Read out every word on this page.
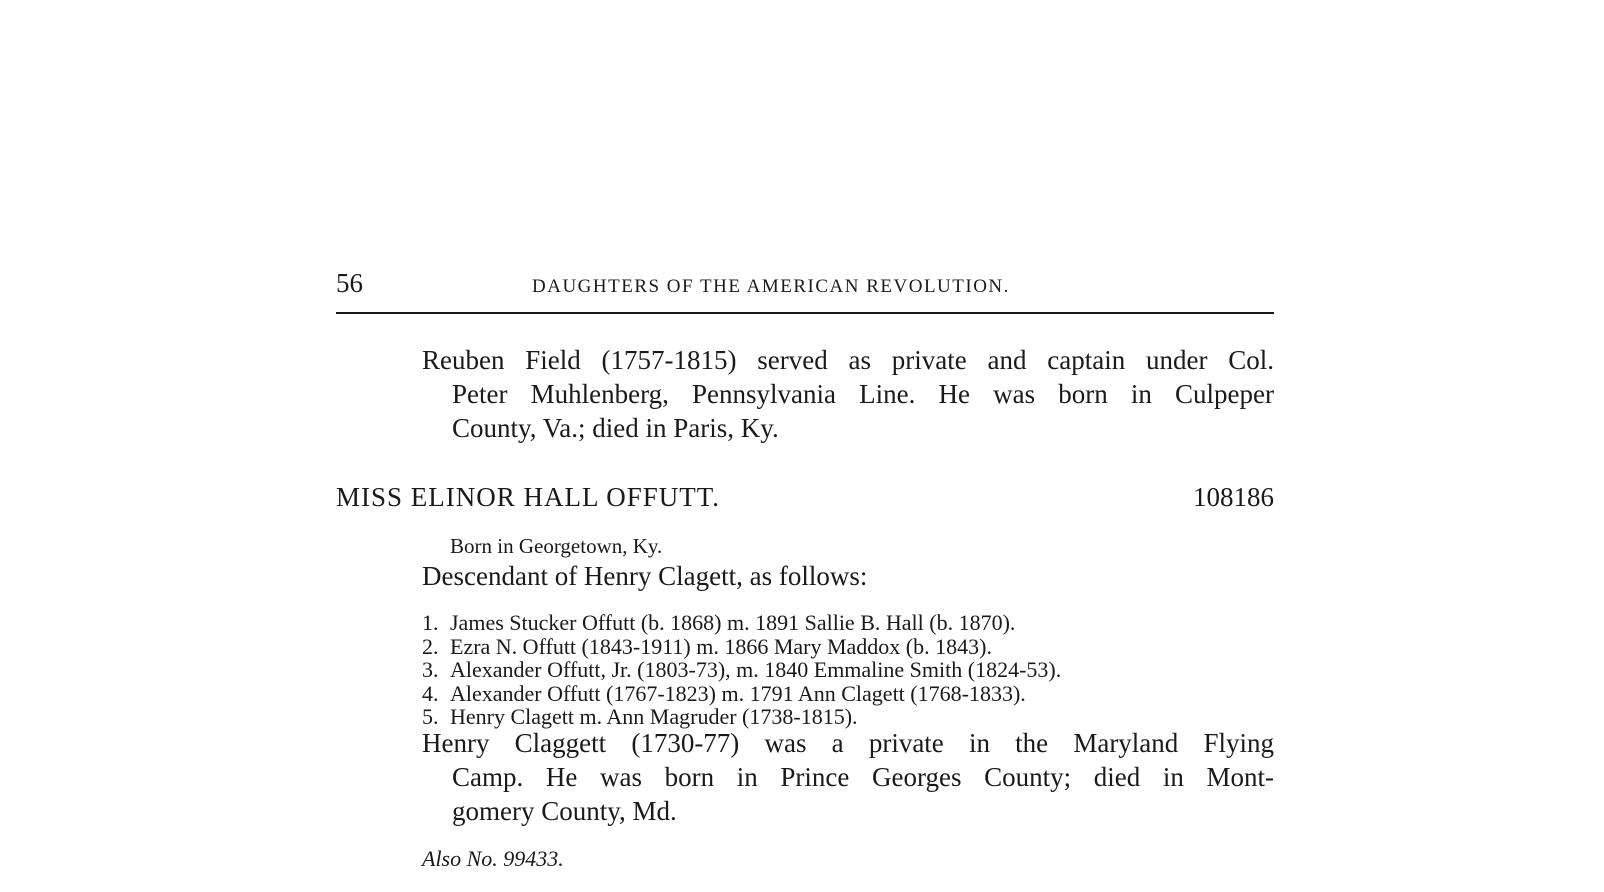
56	DAUGHTERS OF THE AMERICAN REVOLUTION.

Reuben Field (1757-1815) served as private and captain under Col.
Peter Muhlenberg, Pennsylvania Line. He was born in Culpeper
County, Va.; died in Paris, Ky.

MISS ELINOR HALL OFFUTT.	108186
Born in Georgetown, Ky.
Descendant of Henry Clagett, as follows:
1. James Stucker Offutt (b. 1868) m. 1891 Sallie B. Hall (b. 1870).
2. Ezra N. Offutt (1843-1911) m. 1866 Mary Maddox (b. 1843).
3. Alexander Offutt, Jr. (1803-73), m. 1840 Emmaline Smith (1824-53).
4. Alexander Offutt (1767-1823) m. 1791 Ann Clagett (1768-1833).
5. Henry Clagett m. Ann Magruder (1738-1815).

Henry Claggett (1730-77) was a private in the Maryland Flying
Camp. He was born in Prince Georges County; died in Mont-
gomery County, Md.

Also No. 99433.
